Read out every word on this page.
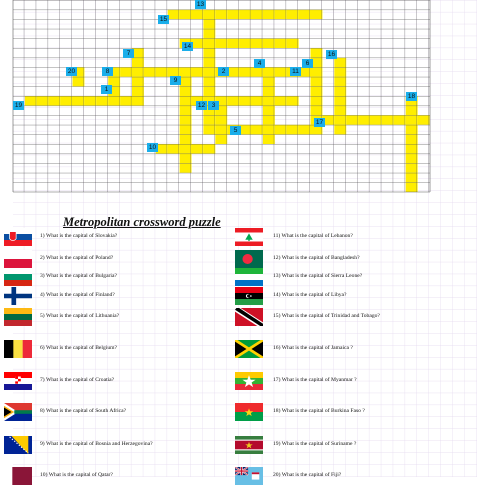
13
15
14
7	16
20	8
4	6
2	11
9
1
18
19	12	3
17
5
10
Metropolitan crossword puzzle
1) What is the capital of Slovakia?
2) What is the capital of Poland?
3) What is the capital of Bulgaria?
4) What is the capital of Finland?
5) What is the capital of Lithuania?
6) What is the capital of Belgium?
7) What is the capital of Croatia?
8) What is the capital of South Africa?
9) What is the capital of Bosnia and Herzegovina?
10) What is the capital of Qatar?
11) What is the capital of Lebanon?
12) What is the capital of Bangladesh?
13) What is the capital of Sierra Leone?
14) What is the capital of Libya?
15) What is the capital of Trinidad and Tobago?
16) What is the capital of Jamaica ?
17) What is the capital of Myanmar ?
18) What is the capital of Burkina Faso ?
19) What is the capital of Suriname ?
20) What is the capital of Fiji?
